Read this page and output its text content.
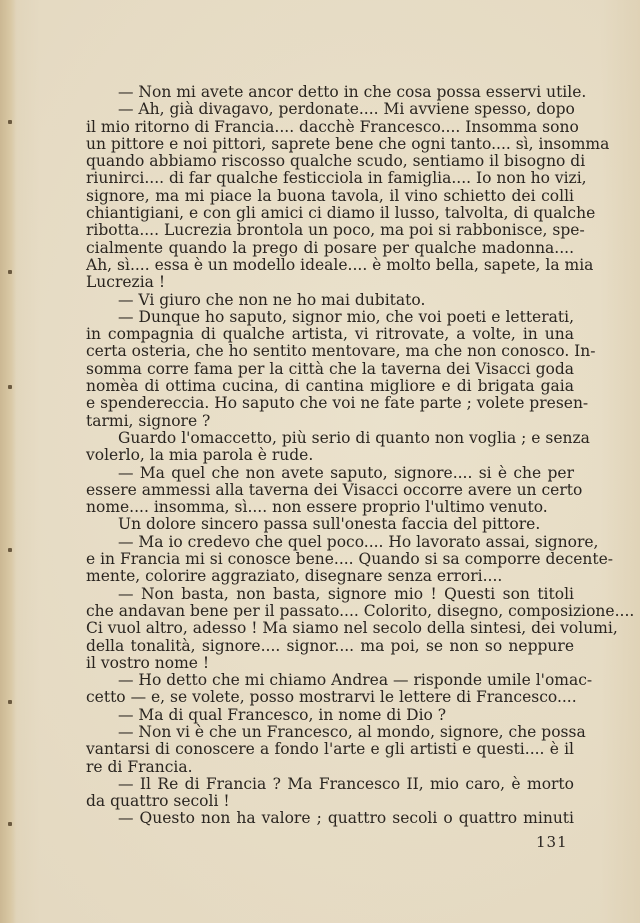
— Non mi avete ancor detto in che cosa possa esservi utile.
— Ah, già divagavo, perdonate.... Mi avviene spesso, dopo
il mio ritorno di Francia.... dacchè Francesco.... Insomma sono
un pittore e noi pittori, saprete bene che ogni tanto.... sì, insomma
quando abbiamo riscosso qualche scudo, sentiamo il bisogno di
riunirci.... di far qualche festicciola in famiglia.... Io non ho vizi,
signore, ma mi piace la buona tavola, il vino schietto dei colli
chiantigiani, e con gli amici ci diamo il lusso, talvolta, di qualche
ribotta.... Lucrezia brontola un poco, ma poi si rabbonisce, spe-
cialmente quando la prego di posare per qualche madonna....
Ah, sì.... essa è un modello ideale.... è molto bella, sapete, la mia
Lucrezia !
— Vi giuro che non ne ho mai dubitato.
— Dunque ho saputo, signor mio, che voi poeti e letterati,
in compagnia di qualche artista, vi ritrovate, a volte, in una
certa osteria, che ho sentito mentovare, ma che non conosco. In-
somma corre fama per la città che la taverna dei Visacci goda
nomèa di ottima cucina, di cantina migliore e di brigata gaia
e spendereccia. Ho saputo che voi ne fate parte ; volete presen-
tarmi, signore ?
Guardo l'omaccetto, più serio di quanto non voglia ; e senza
volerlo, la mia parola è rude.
— Ma quel che non avete saputo, signore.... si è che per
essere ammessi alla taverna dei Visacci occorre avere un certo
nome.... insomma, sì.... non essere proprio l'ultimo venuto.
Un dolore sincero passa sull'onesta faccia del pittore.
— Ma io credevo che quel poco.... Ho lavorato assai, signore,
e in Francia mi si conosce bene.... Quando si sa comporre decente-
mente, colorire aggraziato, disegnare senza errori....
— Non basta, non basta, signore mio ! Questi son titoli
che andavan bene per il passato.... Colorito, disegno, composizione....
Ci vuol altro, adesso ! Ma siamo nel secolo della sintesi, dei volumi,
della tonalità, signore.... signor.... ma poi, se non so neppure
il vostro nome !
— Ho detto che mi chiamo Andrea — risponde umile l'omac-
cetto — e, se volete, posso mostrarvi le lettere di Francesco....
— Ma di qual Francesco, in nome di Dio ?
— Non vi è che un Francesco, al mondo, signore, che possa
vantarsi di conoscere a fondo l'arte e gli artisti e questi.... è il
re di Francia.
— Il Re di Francia ? Ma Francesco II, mio caro, è morto
da quattro secoli !
— Questo non ha valore ; quattro secoli o quattro minuti
131
